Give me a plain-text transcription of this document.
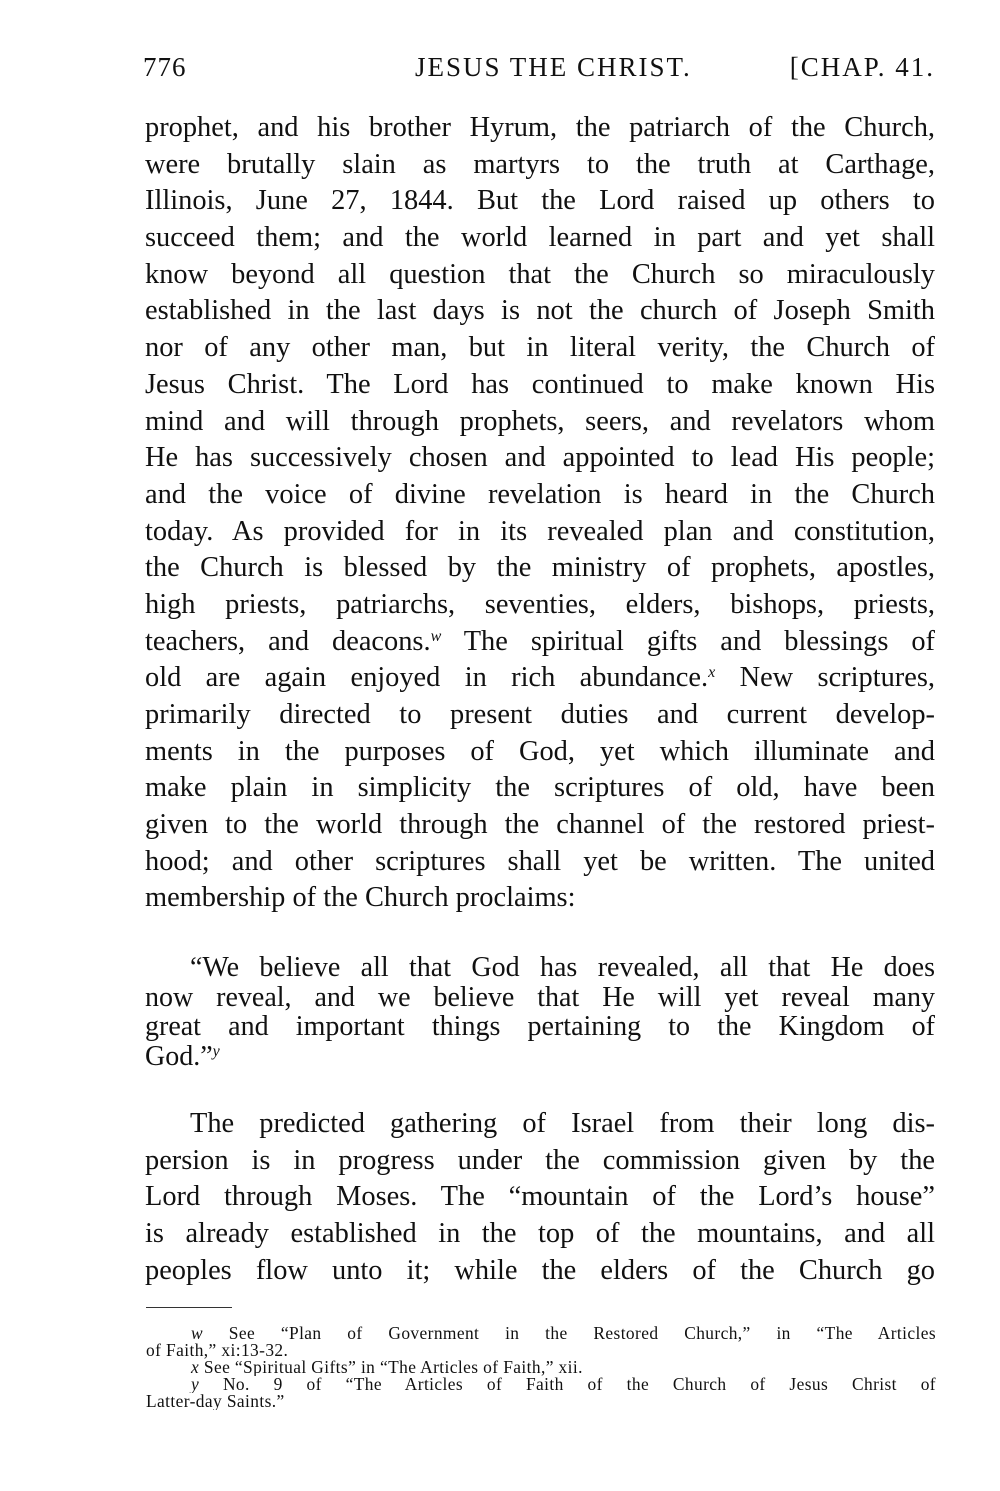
776	JESUS THE CHRIST.	[CHAP. 41.
prophet, and his brother Hyrum, the patriarch of the Church,
were brutally slain as martyrs to the truth at Carthage,
Illinois, June 27, 1844. But the Lord raised up others to
succeed them; and the world learned in part and yet shall
know beyond all question that the Church so miraculously
established in the last days is not the church of Joseph Smith
nor of any other man, but in literal verity, the Church of
Jesus Christ. The Lord has continued to make known His
mind and will through prophets, seers, and revelators whom
He has successively chosen and appointed to lead His people;
and the voice of divine revelation is heard in the Church
today. As provided for in its revealed plan and constitution,
the Church is blessed by the ministry of prophets, apostles,
high priests, patriarchs, seventies, elders, bishops, priests,
teachers, and deacons.$^w$ The spiritual gifts and blessings of
old are again enjoyed in rich abundance.$^x$ New scriptures,
primarily directed to present duties and current develop-
ments in the purposes of God, yet which illuminate and
make plain in simplicity the scriptures of old, have been
given to the world through the channel of the restored priest-
hood; and other scriptures shall yet be written. The united
membership of the Church proclaims:
“We believe all that God has revealed, all that He does
now reveal, and we believe that He will yet reveal many
great and important things pertaining to the Kingdom of
God.”$^y$
The predicted gathering of Israel from their long dis-
persion is in progress under the commission given by the
Lord through Moses. The “mountain of the Lord’s house”
is already established in the top of the mountains, and all
peoples flow unto it; while the elders of the Church go
w See “Plan of Government in the Restored Church,” in “The Articles
of Faith,” xi:13-32.
x See “Spiritual Gifts” in “The Articles of Faith,” xii.
y No. 9 of “The Articles of Faith of the Church of Jesus Christ of
Latter-day Saints.”
